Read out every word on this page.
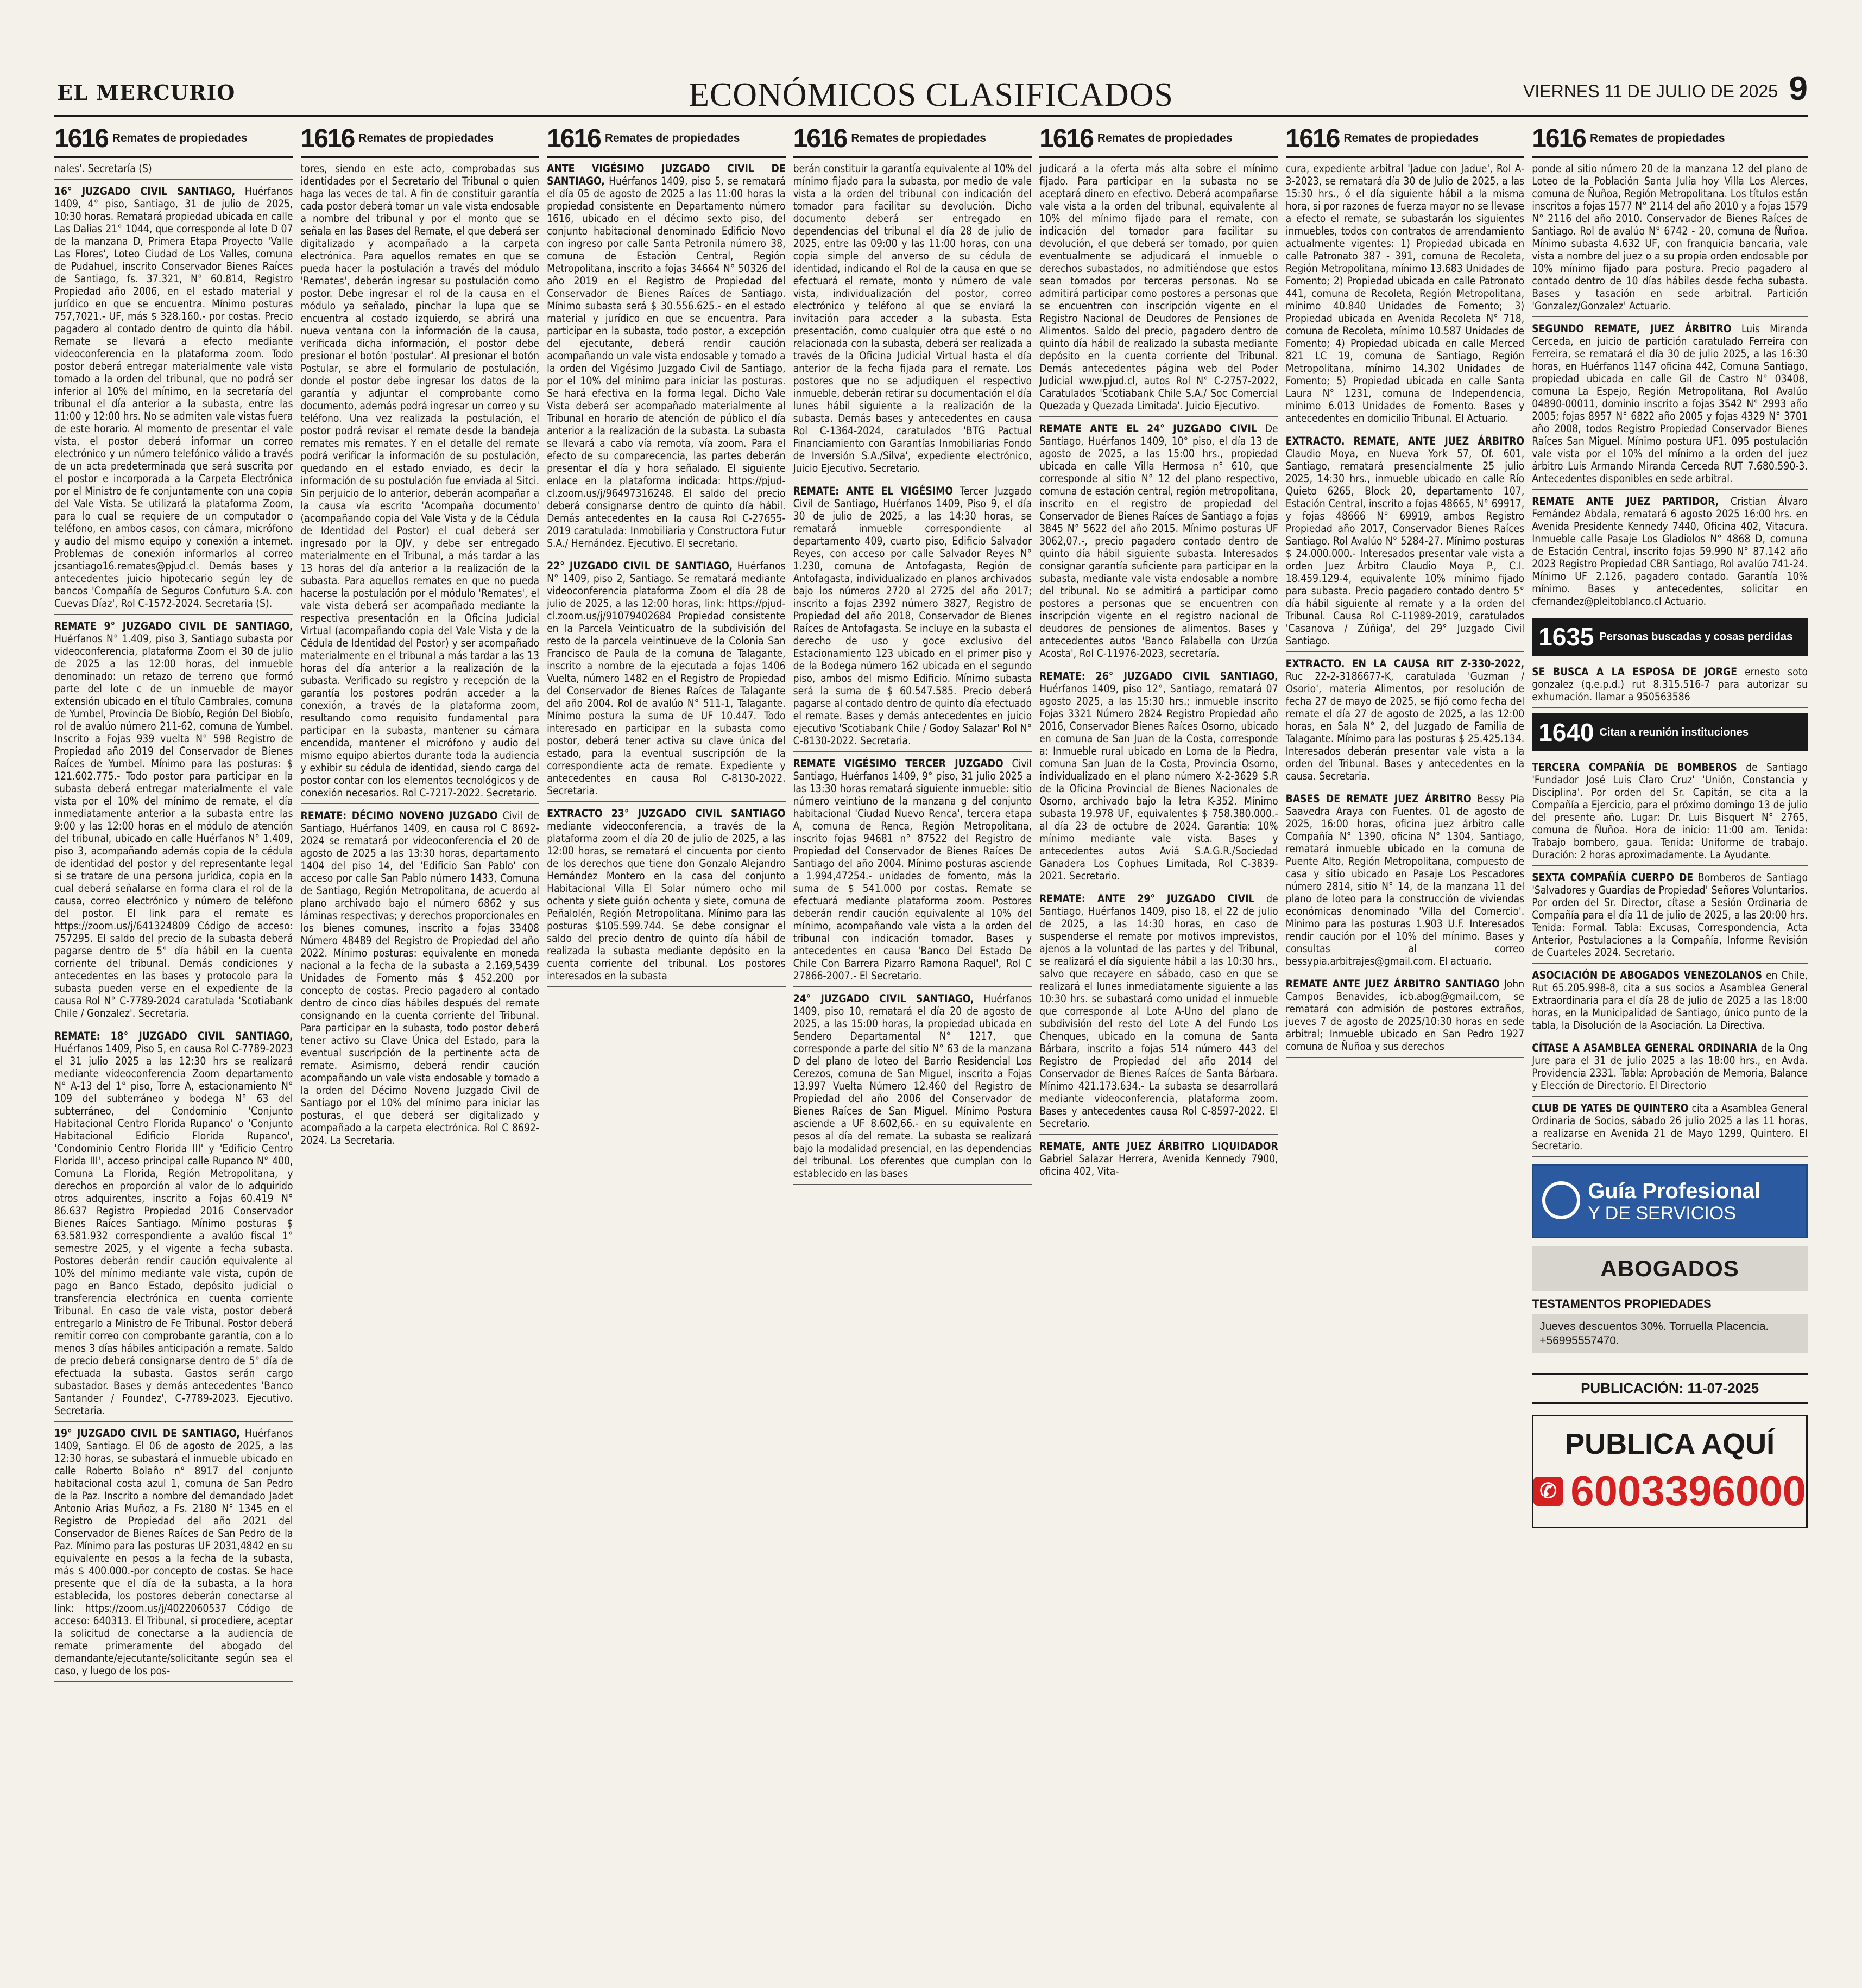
EL MERCURIO	ECONÓMICOS CLASIFICADOS	VIERNES 11 DE JULIO DE 2025 9
1616 Remates de propiedades
nales'. Secretaría (S)
16° JUZGADO CIVIL SANTIAGO, Huérfanos 1409, 4° piso, Santiago, 31 de julio de 2025, 10:30 horas. Rematará propiedad ubicada en calle Las Dalias 21° 1044, que corresponde al lote D 07 de la manzana D, Primera Etapa Proyecto 'Valle Las Flores', Loteo Ciudad de Los Valles, comuna de Pudahuel, inscrito Conservador Bienes Raíces de Santiago, fs. 37.321, N° 60.814, Registro Propiedad año 2006, en el estado material y jurídico en que se encuentra. Mínimo posturas 757,7021.- UF, más $ 328.160.- por costas. Precio pagadero al contado dentro de quinto día hábil. Remate se llevará a efecto mediante videoconferencia en la plataforma zoom. Todo postor deberá entregar materialmente vale vista tomado a la orden del tribunal, que no podrá ser inferior al 10% del mínimo, en la secretaría del tribunal el día anterior a la subasta, entre las 11:00 y 12:00 hrs. No se admiten vale vistas fuera de este horario. Al momento de presentar el vale vista, el postor deberá informar un correo electrónico y un número telefónico válido a través de un acta predeterminada que será suscrita por el postor e incorporada a la Carpeta Electrónica por el Ministro de fe conjuntamente con una copia del Vale Vista. Se utilizará la plataforma Zoom, para lo cual se requiere de un computador o teléfono, en ambos casos, con cámara, micrófono y audio del mismo equipo y conexión a internet. Problemas de conexión informarlos al correo jcsantiago16.remates@pjud.cl. Demás bases y antecedentes juicio hipotecario según ley de bancos 'Compañía de Seguros Confuturo S.A. con Cuevas Díaz', Rol C-1572-2024. Secretaria (S).
REMATE 9° JUZGADO CIVIL DE SANTIAGO, Huérfanos N° 1.409, piso 3, Santiago subasta por videoconferencia, plataforma Zoom el 30 de julio de 2025 a las 12:00 horas, del inmueble denominado: un retazo de terreno que formó parte del lote c de un inmueble de mayor extensión ubicado en el título Cambrales, comuna de Yumbel, Provincia De Biobío, Región Del Biobío, rol de avalúo número 211-62, comuna de Yumbel. Inscrito a Fojas 939 vuelta N° 598 Registro de Propiedad año 2019 del Conservador de Bienes Raíces de Yumbel. Mínimo para las posturas: $ 121.602.775.- Todo postor para participar en la subasta deberá entregar materialmente el vale vista por el 10% del mínimo de remate, el día inmediatamente anterior a la subasta entre las 9:00 y las 12:00 horas en el módulo de atención del tribunal, ubicado en calle Huérfanos N° 1.409, piso 3, acompañando además copia de la cédula de identidad del postor y del representante legal si se tratare de una persona jurídica, copia en la cual deberá señalarse en forma clara el rol de la causa, correo electrónico y número de teléfono del postor. El link para el remate es https://zoom.us/j/641324809 Código de acceso: 757295. El saldo del precio de la subasta deberá pagarse dentro de 5° día hábil en la cuenta corriente del tribunal. Demás condiciones y antecedentes en las bases y protocolo para la subasta pueden verse en el expediente de la causa Rol N° C-7789-2024 caratulada 'Scotiabank Chile / Gonzalez'. Secretaria.
REMATE: 18° JUZGADO CIVIL SANTIAGO, Huérfanos 1409, Piso 5, en causa Rol C-7789-2023 el 31 julio 2025 a las 12:30 hrs se realizará mediante videoconferencia Zoom departamento N° A-13 del 1° piso, Torre A, estacionamiento N° 109 del subterráneo y bodega N° 63 del subterráneo, del Condominio 'Conjunto Habitacional Centro Florida Rupanco' o 'Conjunto Habitacional Edificio Florida Rupanco', 'Condominio Centro Florida III' y 'Edificio Centro Florida III', acceso principal calle Rupanco N° 400, Comuna La Florida, Región Metropolitana, y derechos en proporción al valor de lo adquirido otros adquirentes, inscrito a Fojas 60.419 N° 86.637 Registro Propiedad 2016 Conservador Bienes Raíces Santiago. Mínimo posturas $ 63.581.932 correspondiente a avalúo fiscal 1° semestre 2025, y el vigente a fecha subasta. Postores deberán rendir caución equivalente al 10% del mínimo mediante vale vista, cupón de pago en Banco Estado, depósito judicial o transferencia electrónica en cuenta corriente Tribunal. En caso de vale vista, postor deberá entregarlo a Ministro de Fe Tribunal. Postor deberá remitir correo con comprobante garantía, con a lo menos 3 días hábiles anticipación a remate. Saldo de precio deberá consignarse dentro de 5° día de efectuada la subasta. Gastos serán cargo subastador. Bases y demás antecedentes 'Banco Santander / Foundez', C-7789-2023. Ejecutivo. Secretaria.
19° JUZGADO CIVIL DE SANTIAGO, Huérfanos 1409, Santiago. El 06 de agosto de 2025, a las 12:30 horas, se subastará el inmueble ubicado en calle Roberto Bolaño n° 8917 del conjunto habitacional costa azul 1, comuna de San Pedro de la Paz. Inscrito a nombre del demandado Jadet Antonio Arias Muñoz, a Fs. 2180 N° 1345 en el Registro de Propiedad del año 2021 del Conservador de Bienes Raíces de San Pedro de la Paz. Mínimo para las posturas UF 2031,4842 en su equivalente en pesos a la fecha de la subasta, más $ 400.000.-por concepto de costas. Se hace presente que el día de la subasta, a la hora establecida, los postores deberán conectarse al link: https://zoom.us/j/4022060537 Código de acceso: 640313. El Tribunal, si procediere, aceptar la solicitud de conectarse a la audiencia de remate primeramente del abogado del demandante/ejecutante/solicitante según sea el caso, y luego de los pos-
1616 Remates de propiedades
tores, siendo en este acto, comprobadas sus identidades por el Secretario del Tribunal o quien haga las veces de tal. A fin de constituir garantía cada postor deberá tomar un vale vista endosable a nombre del tribunal y por el monto que se señala en las Bases del Remate, el que deberá ser digitalizado y acompañado a la carpeta electrónica. Para aquellos remates en que se pueda hacer la postulación a través del módulo 'Remates', deberán ingresar su postulación como postor. Debe ingresar el rol de la causa en el módulo ya señalado, pinchar la lupa que se encuentra al costado izquierdo, se abrirá una nueva ventana con la información de la causa, verificada dicha información, el postor debe presionar el botón 'postular'. Al presionar el botón Postular, se abre el formulario de postulación, donde el postor debe ingresar los datos de la garantía y adjuntar el comprobante como documento, además podrá ingresar un correo y su teléfono. Una vez realizada la postulación, el postor podrá revisar el remate desde la bandeja remates mis remates. Y en el detalle del remate podrá verificar la información de su postulación, quedando en el estado enviado, es decir la información de su postulación fue enviada al Sitci. Sin perjuicio de lo anterior, deberán acompañar a la causa vía escrito 'Acompaña documento' (acompañando copia del Vale Vista y de la Cédula de Identidad del Postor) el cual deberá ser ingresado por la OJV, y debe ser entregado materialmente en el Tribunal, a más tardar a las 13 horas del día anterior a la realización de la subasta. Para aquellos remates en que no pueda hacerse la postulación por el módulo 'Remates', el vale vista deberá ser acompañado mediante la respectiva presentación en la Oficina Judicial Virtual (acompañando copia del Vale Vista y de la Cédula de Identidad del Postor) y ser acompañado materialmente en el tribunal a más tardar a las 13 horas del día anterior a la realización de la subasta. Verificado su registro y recepción de la garantía los postores podrán acceder a la conexión, a través de la plataforma zoom, resultando como requisito fundamental para participar en la subasta, mantener su cámara encendida, mantener el micrófono y audio del mismo equipo abiertos durante toda la audiencia y exhibir su cédula de identidad, siendo carga del postor contar con los elementos tecnológicos y de conexión necesarios. Rol C-7217-2022. Secretario.
REMATE: DÉCIMO NOVENO JUZGADO Civil de Santiago, Huérfanos 1409, en causa rol C 8692-2024 se rematará por videoconferencia el 20 de agosto de 2025 a las 13:30 horas, departamento 1404 del piso 14, del 'Edificio San Pablo' con acceso por calle San Pablo número 1433, Comuna de Santiago, Región Metropolitana, de acuerdo al plano archivado bajo el número 6862 y sus láminas respectivas; y derechos proporcionales en los bienes comunes, inscrito a fojas 33408 Número 48489 del Registro de Propiedad del año 2022. Mínimo posturas: equivalente en moneda nacional a la fecha de la subasta a 2.169,5439 Unidades de Fomento más $ 452.200 por concepto de costas. Precio pagadero al contado dentro de cinco días hábiles después del remate consignando en la cuenta corriente del Tribunal. Para participar en la subasta, todo postor deberá tener activo su Clave Única del Estado, para la eventual suscripción de la pertinente acta de remate. Asimismo, deberá rendir caución acompañando un vale vista endosable y tomado a la orden del Décimo Noveno Juzgado Civil de Santiago por el 10% del mínimo para iniciar las posturas, el que deberá ser digitalizado y acompañado a la carpeta electrónica. Rol C 8692-2024. La Secretaria.
1616 Remates de propiedades
ANTE VIGÉSIMO JUZGADO CIVIL DE SANTIAGO, Huérfanos 1409, piso 5, se rematará el día 05 de agosto de 2025 a las 11:00 horas la propiedad consistente en Departamento número 1616, ubicado en el décimo sexto piso, del conjunto habitacional denominado Edificio Novo con ingreso por calle Santa Petronila número 38, comuna de Estación Central, Región Metropolitana, inscrito a fojas 34664 N° 50326 del año 2019 en el Registro de Propiedad del Conservador de Bienes Raíces de Santiago. Mínimo subasta será $ 30.556.625.- en el estado material y jurídico en que se encuentra. Para participar en la subasta, todo postor, a excepción del ejecutante, deberá rendir caución acompañando un vale vista endosable y tomado a la orden del Vigésimo Juzgado Civil de Santiago, por el 10% del mínimo para iniciar las posturas. Se hará efectiva en la forma legal. Dicho Vale Vista deberá ser acompañado materialmente al Tribunal en horario de atención de público el día anterior a la realización de la subasta. La subasta se llevará a cabo vía remota, vía zoom. Para el efecto de su comparecencia, las partes deberán presentar el día y hora señalado. El siguiente enlace en la plataforma indicada: https://pjud-cl.zoom.us/j/96497316248. El saldo del precio deberá consignarse dentro de quinto día hábil. Demás antecedentes en la causa Rol C-27655-2019 caratulada: Inmobiliaria y Constructora Futur S.A./ Hernández. Ejecutivo. El secretario.
22° JUZGADO CIVIL DE SANTIAGO, Huérfanos N° 1409, piso 2, Santiago. Se rematará mediante videoconferencia plataforma Zoom el día 28 de julio de 2025, a las 12:00 horas, link: https://pjud-cl.zoom.us/j/91079402684 Propiedad consistente en la Parcela Veinticuatro de la subdivisión del resto de la parcela veintinueve de la Colonia San Francisco de Paula de la comuna de Talagante, inscrito a nombre de la ejecutada a fojas 1406 Vuelta, número 1482 en el Registro de Propiedad del Conservador de Bienes Raíces de Talagante del año 2004. Rol de avalúo N° 511-1, Talagante. Mínimo postura la suma de UF 10.447. Todo interesado en participar en la subasta como postor, deberá tener activa su clave única del estado, para la eventual suscripción de la correspondiente acta de remate. Expediente y antecedentes en causa Rol C-8130-2022. Secretaria.
EXTRACTO 23° JUZGADO CIVIL SANTIAGO mediante videoconferencia, a través de la plataforma zoom el día 20 de julio de 2025, a las 12:00 horas, se rematará el cincuenta por ciento de los derechos que tiene don Gonzalo Alejandro Hernández Montero en la casa del conjunto Habitacional Villa El Solar número ocho mil ochenta y siete guión ochenta y siete, comuna de Peñalolén, Región Metropolitana. Mínimo para las posturas $105.599.744. Se debe consignar el saldo del precio dentro de quinto día hábil de realizada la subasta mediante depósito en la cuenta corriente del tribunal. Los postores interesados en la subasta
1616 Remates de propiedades
berán constituir la garantía equivalente al 10% del mínimo fijado para la subasta, por medio de vale vista a la orden del tribunal con indicación del tomador para facilitar su devolución. Dicho documento deberá ser entregado en dependencias del tribunal el día 28 de julio de 2025, entre las 09:00 y las 11:00 horas, con una copia simple del anverso de su cédula de identidad, indicando el Rol de la causa en que se efectuará el remate, monto y número de vale vista, individualización del postor, correo electrónico y teléfono al que se enviará la invitación para acceder a la subasta. Esta presentación, como cualquier otra que esté o no relacionada con la subasta, deberá ser realizada a través de la Oficina Judicial Virtual hasta el día anterior de la fecha fijada para el remate. Los postores que no se adjudiquen el respectivo inmueble, deberán retirar su documentación el día lunes hábil siguiente a la realización de la subasta. Demás bases y antecedentes en causa Rol C-1364-2024, caratulados 'BTG Pactual Financiamiento con Garantías Inmobiliarias Fondo de Inversión S.A./Silva', expediente electrónico, Juicio Ejecutivo. Secretario.
REMATE: ANTE EL VIGÉSIMO Tercer Juzgado Civil de Santiago, Huérfanos 1409, Piso 9, el día 30 de julio de 2025, a las 14:30 horas, se rematará inmueble correspondiente al departamento 409, cuarto piso, Edificio Salvador Reyes, con acceso por calle Salvador Reyes N° 1.230, comuna de Antofagasta, Región de Antofagasta, individualizado en planos archivados bajo los números 2720 al 2725 del año 2017; inscrito a fojas 2392 número 3827, Registro de Propiedad del año 2018, Conservador de Bienes Raíces de Antofagasta. Se incluye en la subasta el derecho de uso y goce exclusivo del Estacionamiento 123 ubicado en el primer piso y de la Bodega número 162 ubicada en el segundo piso, ambos del mismo Edificio. Mínimo subasta será la suma de $ 60.547.585. Precio deberá pagarse al contado dentro de quinto día efectuado el remate. Bases y demás antecedentes en juicio ejecutivo 'Scotiabank Chile / Godoy Salazar' Rol N° C-8130-2022. Secretaria.
REMATE VIGÉSIMO TERCER JUZGADO Civil Santiago, Huérfanos 1409, 9° piso, 31 julio 2025 a las 13:30 horas rematará siguiente inmueble: sitio número veintiuno de la manzana g del conjunto habitacional 'Ciudad Nuevo Renca', tercera etapa A, comuna de Renca, Región Metropolitana, inscrito fojas 94681 n° 87522 del Registro de Propiedad del Conservador de Bienes Raíces De Santiago del año 2004. Mínimo posturas asciende a 1.994,47254.- unidades de fomento, más la suma de $ 541.000 por costas. Remate se efectuará mediante plataforma zoom. Postores deberán rendir caución equivalente al 10% del mínimo, acompañando vale vista a la orden del tribunal con indicación tomador. Bases y antecedentes en causa 'Banco Del Estado De Chile Con Barrera Pizarro Ramona Raquel', Rol C 27866-2007.- El Secretario.
24° JUZGADO CIVIL SANTIAGO, Huérfanos 1409, piso 10, rematará el día 20 de agosto de 2025, a las 15:00 horas, la propiedad ubicada en Sendero Departamental N° 1217, que corresponde a parte del sitio N° 63 de la manzana D del plano de loteo del Barrio Residencial Los Cerezos, comuna de San Miguel, inscrito a Fojas 13.997 Vuelta Número 12.460 del Registro de Propiedad del año 2006 del Conservador de Bienes Raíces de San Miguel. Mínimo Postura asciende a UF 8.602,66.- en su equivalente en pesos al día del remate. La subasta se realizará bajo la modalidad presencial, en las dependencias del tribunal. Los oferentes que cumplan con lo establecido en las bases
1616 Remates de propiedades
judicará a la oferta más alta sobre el mínimo fijado. Para participar en la subasta no se aceptará dinero en efectivo. Deberá acompañarse vale vista a la orden del tribunal, equivalente al 10% del mínimo fijado para el remate, con indicación del tomador para facilitar su devolución, el que deberá ser tomado, por quien eventualmente se adjudicará el inmueble o derechos subastados, no admitiéndose que estos sean tomados por terceras personas. No se admitirá participar como postores a personas que se encuentren con inscripción vigente en el Registro Nacional de Deudores de Pensiones de Alimentos. Saldo del precio, pagadero dentro de quinto día hábil de realizado la subasta mediante depósito en la cuenta corriente del Tribunal. Demás antecedentes página web del Poder Judicial www.pjud.cl, autos Rol N° C-2757-2022, Caratulados 'Scotiabank Chile S.A./ Soc Comercial Quezada y Quezada Limitada'. Juicio Ejecutivo.
REMATE ANTE EL 24° JUZGADO CIVIL De Santiago, Huérfanos 1409, 10° piso, el día 13 de agosto de 2025, a las 15:00 hrs., propiedad ubicada en calle Villa Hermosa n° 610, que corresponde al sitio N° 12 del plano respectivo, comuna de estación central, región metropolitana, inscrito en el registro de propiedad del Conservador de Bienes Raíces de Santiago a fojas 3845 N° 5622 del año 2015. Mínimo posturas UF 3062,07.-, precio pagadero contado dentro de quinto día hábil siguiente subasta. Interesados consignar garantía suficiente para participar en la subasta, mediante vale vista endosable a nombre del tribunal. No se admitirá a participar como postores a personas que se encuentren con inscripción vigente en el registro nacional de deudores de pensiones de alimentos. Bases y antecedentes autos 'Banco Falabella con Urzúa Acosta', Rol C-11976-2023, secretaría.
REMATE: 26° JUZGADO CIVIL SANTIAGO, Huérfanos 1409, piso 12°, Santiago, rematará 07 agosto 2025, a las 15:30 hrs.; inmueble inscrito Fojas 3321 Número 2824 Registro Propiedad año 2016, Conservador Bienes Raíces Osorno, ubicado en comuna de San Juan de la Costa, corresponde a: Inmueble rural ubicado en Loma de la Piedra, comuna San Juan de la Costa, Provincia Osorno, individualizado en el plano número X-2-3629 S.R de la Oficina Provincial de Bienes Nacionales de Osorno, archivado bajo la letra K-352. Mínimo subasta 19.978 UF, equivalentes $ 758.380.000.- al día 23 de octubre de 2024. Garantía: 10% mínimo mediante vale vista. Bases y antecedentes autos Aviá S.A.G.R./Sociedad Ganadera Los Cophues Limitada, Rol C-3839-2021. Secretario.
REMATE: ANTE 29° JUZGADO CIVIL de Santiago, Huérfanos 1409, piso 18, el 22 de julio de 2025, a las 14:30 horas, en caso de suspenderse el remate por motivos imprevistos, ajenos a la voluntad de las partes y del Tribunal, se realizará el día siguiente hábil a las 10:30 hrs., salvo que recayere en sábado, caso en que se realizará el lunes inmediatamente siguiente a las 10:30 hrs. se subastará como unidad el inmueble que corresponde al Lote A-Uno del plano de subdivisión del resto del Lote A del Fundo Los Chenques, ubicado en la comuna de Santa Bárbara, inscrito a fojas 514 número 443 del Registro de Propiedad del año 2014 del Conservador de Bienes Raíces de Santa Bárbara. Mínimo 421.173.634.- La subasta se desarrollará mediante videoconferencia, plataforma zoom. Bases y antecedentes causa Rol C-8597-2022. El Secretario.
REMATE, ANTE JUEZ ÁRBITRO LIQUIDADOR Gabriel Salazar Herrera, Avenida Kennedy 7900, oficina 402, Vita-
1616 Remates de propiedades
cura, expediente arbitral 'Jadue con Jadue', Rol A-3-2023, se rematará día 30 de Julio de 2025, a las 15:30 hrs., ó el día siguiente hábil a la misma hora, si por razones de fuerza mayor no se llevase a efecto el remate, se subastarán los siguientes inmuebles, todos con contratos de arrendamiento actualmente vigentes: 1) Propiedad ubicada en calle Patronato 387 - 391, comuna de Recoleta, Región Metropolitana, mínimo 13.683 Unidades de Fomento; 2) Propiedad ubicada en calle Patronato 441, comuna de Recoleta, Región Metropolitana, mínimo 40.840 Unidades de Fomento; 3) Propiedad ubicada en Avenida Recoleta N° 718, comuna de Recoleta, mínimo 10.587 Unidades de Fomento; 4) Propiedad ubicada en calle Merced 821 LC 19, comuna de Santiago, Región Metropolitana, mínimo 14.302 Unidades de Fomento; 5) Propiedad ubicada en calle Santa Laura N° 1231, comuna de Independencia, mínimo 6.013 Unidades de Fomento. Bases y antecedentes en domicilio Tribunal. El Actuario.
EXTRACTO. REMATE, ANTE JUEZ ÁRBITRO Claudio Moya, en Nueva York 57, Of. 601, Santiago, rematará presencialmente 25 julio 2025, 14:30 hrs., inmueble ubicado en calle Río Quieto 6265, Block 20, departamento 107, Estación Central, inscrito a fojas 48665, N° 69917, y fojas 48666 N° 69919, ambos Registro Propiedad año 2017, Conservador Bienes Raíces Santiago. Rol Avalúo N° 5284-27. Mínimo posturas $ 24.000.000.- Interesados presentar vale vista a orden Juez Árbitro Claudio Moya P., C.I. 18.459.129-4, equivalente 10% mínimo fijado para subasta. Precio pagadero contado dentro 5° día hábil siguiente al remate y a la orden del Tribunal. Causa Rol C-11989-2019, caratulados 'Casanova / Zúñiga', del 29° Juzgado Civil Santiago.
EXTRACTO. EN LA CAUSA RIT Z-330-2022, Ruc 22-2-3186677-K, caratulada 'Guzman / Osorio', materia Alimentos, por resolución de fecha 27 de mayo de 2025, se fijó como fecha del remate el día 27 de agosto de 2025, a las 12:00 horas, en Sala N° 2, del Juzgado de Familia de Talagante. Mínimo para las posturas $ 25.425.134. Interesados deberán presentar vale vista a la orden del Tribunal. Bases y antecedentes en la causa. Secretaria.
BASES DE REMATE JUEZ ÁRBITRO Bessy Pía Saavedra Araya con Fuentes. 01 de agosto de 2025, 16:00 horas, oficina juez árbitro calle Compañía N° 1390, oficina N° 1304, Santiago, rematará inmueble ubicado en la comuna de Puente Alto, Región Metropolitana, compuesto de casa y sitio ubicado en Pasaje Los Pescadores número 2814, sitio N° 14, de la manzana 11 del plano de loteo para la construcción de viviendas económicas denominado 'Villa del Comercio'. Mínimo para las posturas 1.903 U.F. Interesados rendir caución por el 10% del mínimo. Bases y consultas al correo bessypia.arbitrajes@gmail.com. El actuario.
REMATE ANTE JUEZ ÁRBITRO SANTIAGO John Campos Benavides, icb.abog@gmail.com, se rematará con admisión de postores extraños, jueves 7 de agosto de 2025/10:30 horas en sede arbitral; Inmueble ubicado en San Pedro 1927 comuna de Ñuñoa y sus derechos
1616 Remates de propiedades
ponde al sitio número 20 de la manzana 12 del plano de Loteo de la Población Santa Julia hoy Villa Los Alerces, comuna de Ñuñoa, Región Metropolitana. Los títulos están inscritos a fojas 1577 N° 2114 del año 2010 y a fojas 1579 N° 2116 del año 2010. Conservador de Bienes Raíces de Santiago. Rol de avalúo N° 6742 - 20, comuna de Ñuñoa. Mínimo subasta 4.632 UF, con franquicia bancaria, vale vista a nombre del juez o a su propia orden endosable por 10% mínimo fijado para postura. Precio pagadero al contado dentro de 10 días hábiles desde fecha subasta. Bases y tasación en sede arbitral. Partición 'Gonzalez/Gonzalez' Actuario.
SEGUNDO REMATE, JUEZ ÁRBITRO Luis Miranda Cerceda, en juicio de partición caratulado Ferreira con Ferreira, se rematará el día 30 de julio 2025, a las 16:30 horas, en Huérfanos 1147 oficina 442, Comuna Santiago, propiedad ubicada en calle Gil de Castro N° 03408, comuna La Espejo, Región Metropolitana, Rol Avalúo 04890-00011, dominio inscrito a fojas 3542 N° 2993 año 2005; fojas 8957 N° 6822 año 2005 y fojas 4329 N° 3701 año 2008, todos Registro Propiedad Conservador Bienes Raíces San Miguel. Mínimo postura UF1. 095 postulación vale vista por el 10% del mínimo a la orden del juez árbitro Luis Armando Miranda Cerceda RUT 7.680.590-3. Antecedentes disponibles en sede arbitral.
REMATE ANTE JUEZ PARTIDOR, Cristian Álvaro Fernández Abdala, rematará 6 agosto 2025 16:00 hrs. en Avenida Presidente Kennedy 7440, Oficina 402, Vitacura. Inmueble calle Pasaje Los Gladiolos N° 4868 D, comuna de Estación Central, inscrito fojas 59.990 N° 87.142 año 2023 Registro Propiedad CBR Santiago, Rol avalúo 741-24. Mínimo UF 2.126, pagadero contado. Garantía 10% mínimo. Bases y antecedentes, solicitar en cfernandez@pleitoblanco.cl Actuario.
1635 Personas buscadas y cosas perdidas
SE BUSCA A LA ESPOSA DE JORGE ernesto soto gonzalez (q.e.p.d.) rut 8.315.516-7 para autorizar su exhumación. llamar a 950563586
1640 Citan a reunión instituciones
TERCERA COMPAÑÍA DE BOMBEROS de Santiago 'Fundador José Luis Claro Cruz' 'Unión, Constancia y Disciplina'. Por orden del Sr. Capitán, se cita a la Compañía a Ejercicio, para el próximo domingo 13 de julio del presente año. Lugar: Dr. Luis Bisquert N° 2765, comuna de Ñuñoa. Hora de inicio: 11:00 am. Tenida: Trabajo bombero, gaua. Tenida: Uniforme de trabajo. Duración: 2 horas aproximadamente. La Ayudante.
SEXTA COMPAÑÍA CUERPO DE Bomberos de Santiago 'Salvadores y Guardias de Propiedad' Señores Voluntarios. Por orden del Sr. Director, cítase a Sesión Ordinaria de Compañía para el día 11 de julio de 2025, a las 20:00 hrs. Tenida: Formal. Tabla: Excusas, Correspondencia, Acta Anterior, Postulaciones a la Compañía, Informe Revisión de Cuarteles 2024. Secretario.
ASOCIACIÓN DE ABOGADOS VENEZOLANOS en Chile, Rut 65.205.998-8, cita a sus socios a Asamblea General Extraordinaria para el día 28 de julio de 2025 a las 18:00 horas, en la Municipalidad de Santiago, único punto de la tabla, la Disolución de la Asociación. La Directiva.
CÍTASE A ASAMBLEA GENERAL ORDINARIA de la Ong Jure para el 31 de julio 2025 a las 18:00 hrs., en Avda. Providencia 2331. Tabla: Aprobación de Memoria, Balance y Elección de Directorio. El Directorio
CLUB DE YATES DE QUINTERO cita a Asamblea General Ordinaria de Socios, sábado 26 julio 2025 a las 11 horas, a realizarse en Avenida 21 de Mayo 1299, Quintero. El Secretario.
Guía Profesional
Y DE SERVICIOS
ABOGADOS
TESTAMENTOS PROPIEDADES
Jueves descuentos 30%. Torruella Placencia. +56995557470.
PUBLICACIÓN: 11-07-2025
PUBLICA AQUÍ
✆ 6003396000
